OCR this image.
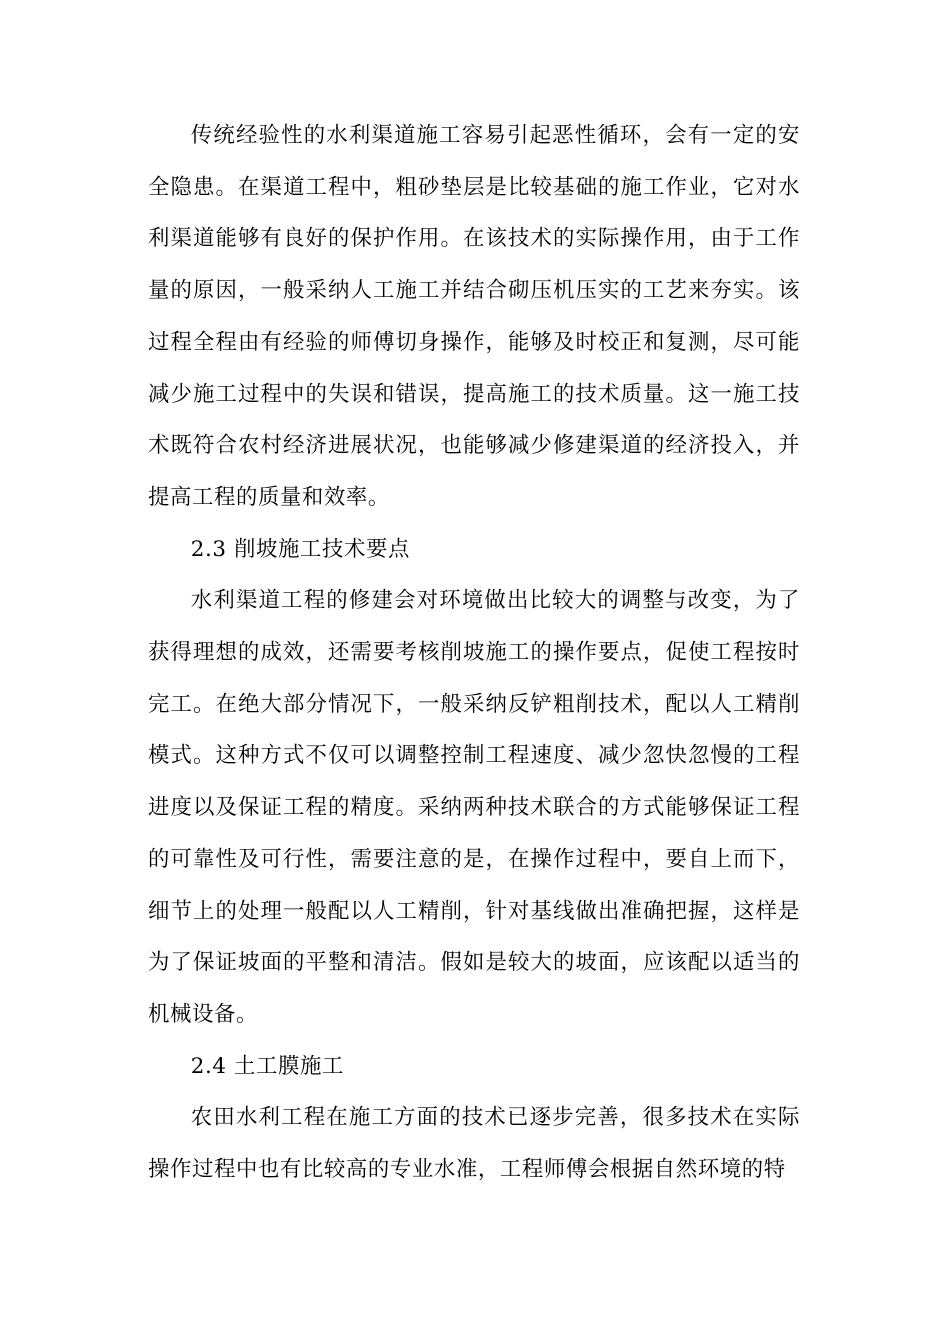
传统经验性的水利渠道施工容易引起恶性循环，会有一定的安全隐患。在渠道工程中，粗砂垫层是比较基础的施工作业，它对水利渠道能够有良好的保护作用。在该技术的实际操作用，由于工作量的原因，一般采纳人工施工并结合砌压机压实的工艺来夯实。该过程全程由有经验的师傅切身操作，能够及时校正和复测，尽可能减少施工过程中的失误和错误，提高施工的技术质量。这一施工技术既符合农村经济进展状况，也能够减少修建渠道的经济投入，并提高工程的质量和效率。

2.3 削坡施工技术要点

水利渠道工程的修建会对环境做出比较大的调整与改变，为了获得理想的成效，还需要考核削坡施工的操作要点，促使工程按时完工。在绝大部分情况下，一般采纳反铲粗削技术，配以人工精削模式。这种方式不仅可以调整控制工程速度、减少忽快忽慢的工程进度以及保证工程的精度。采纳两种技术联合的方式能够保证工程的可靠性及可行性，需要注意的是，在操作过程中，要自上而下，细节上的处理一般配以人工精削，针对基线做出准确把握，这样是为了保证坡面的平整和清洁。假如是较大的坡面，应该配以适当的机械设备。

2.4 土工膜施工

农田水利工程在施工方面的技术已逐步完善，很多技术在实际操作过程中也有比较高的专业水准，工程师傅会根据自然环境的特
